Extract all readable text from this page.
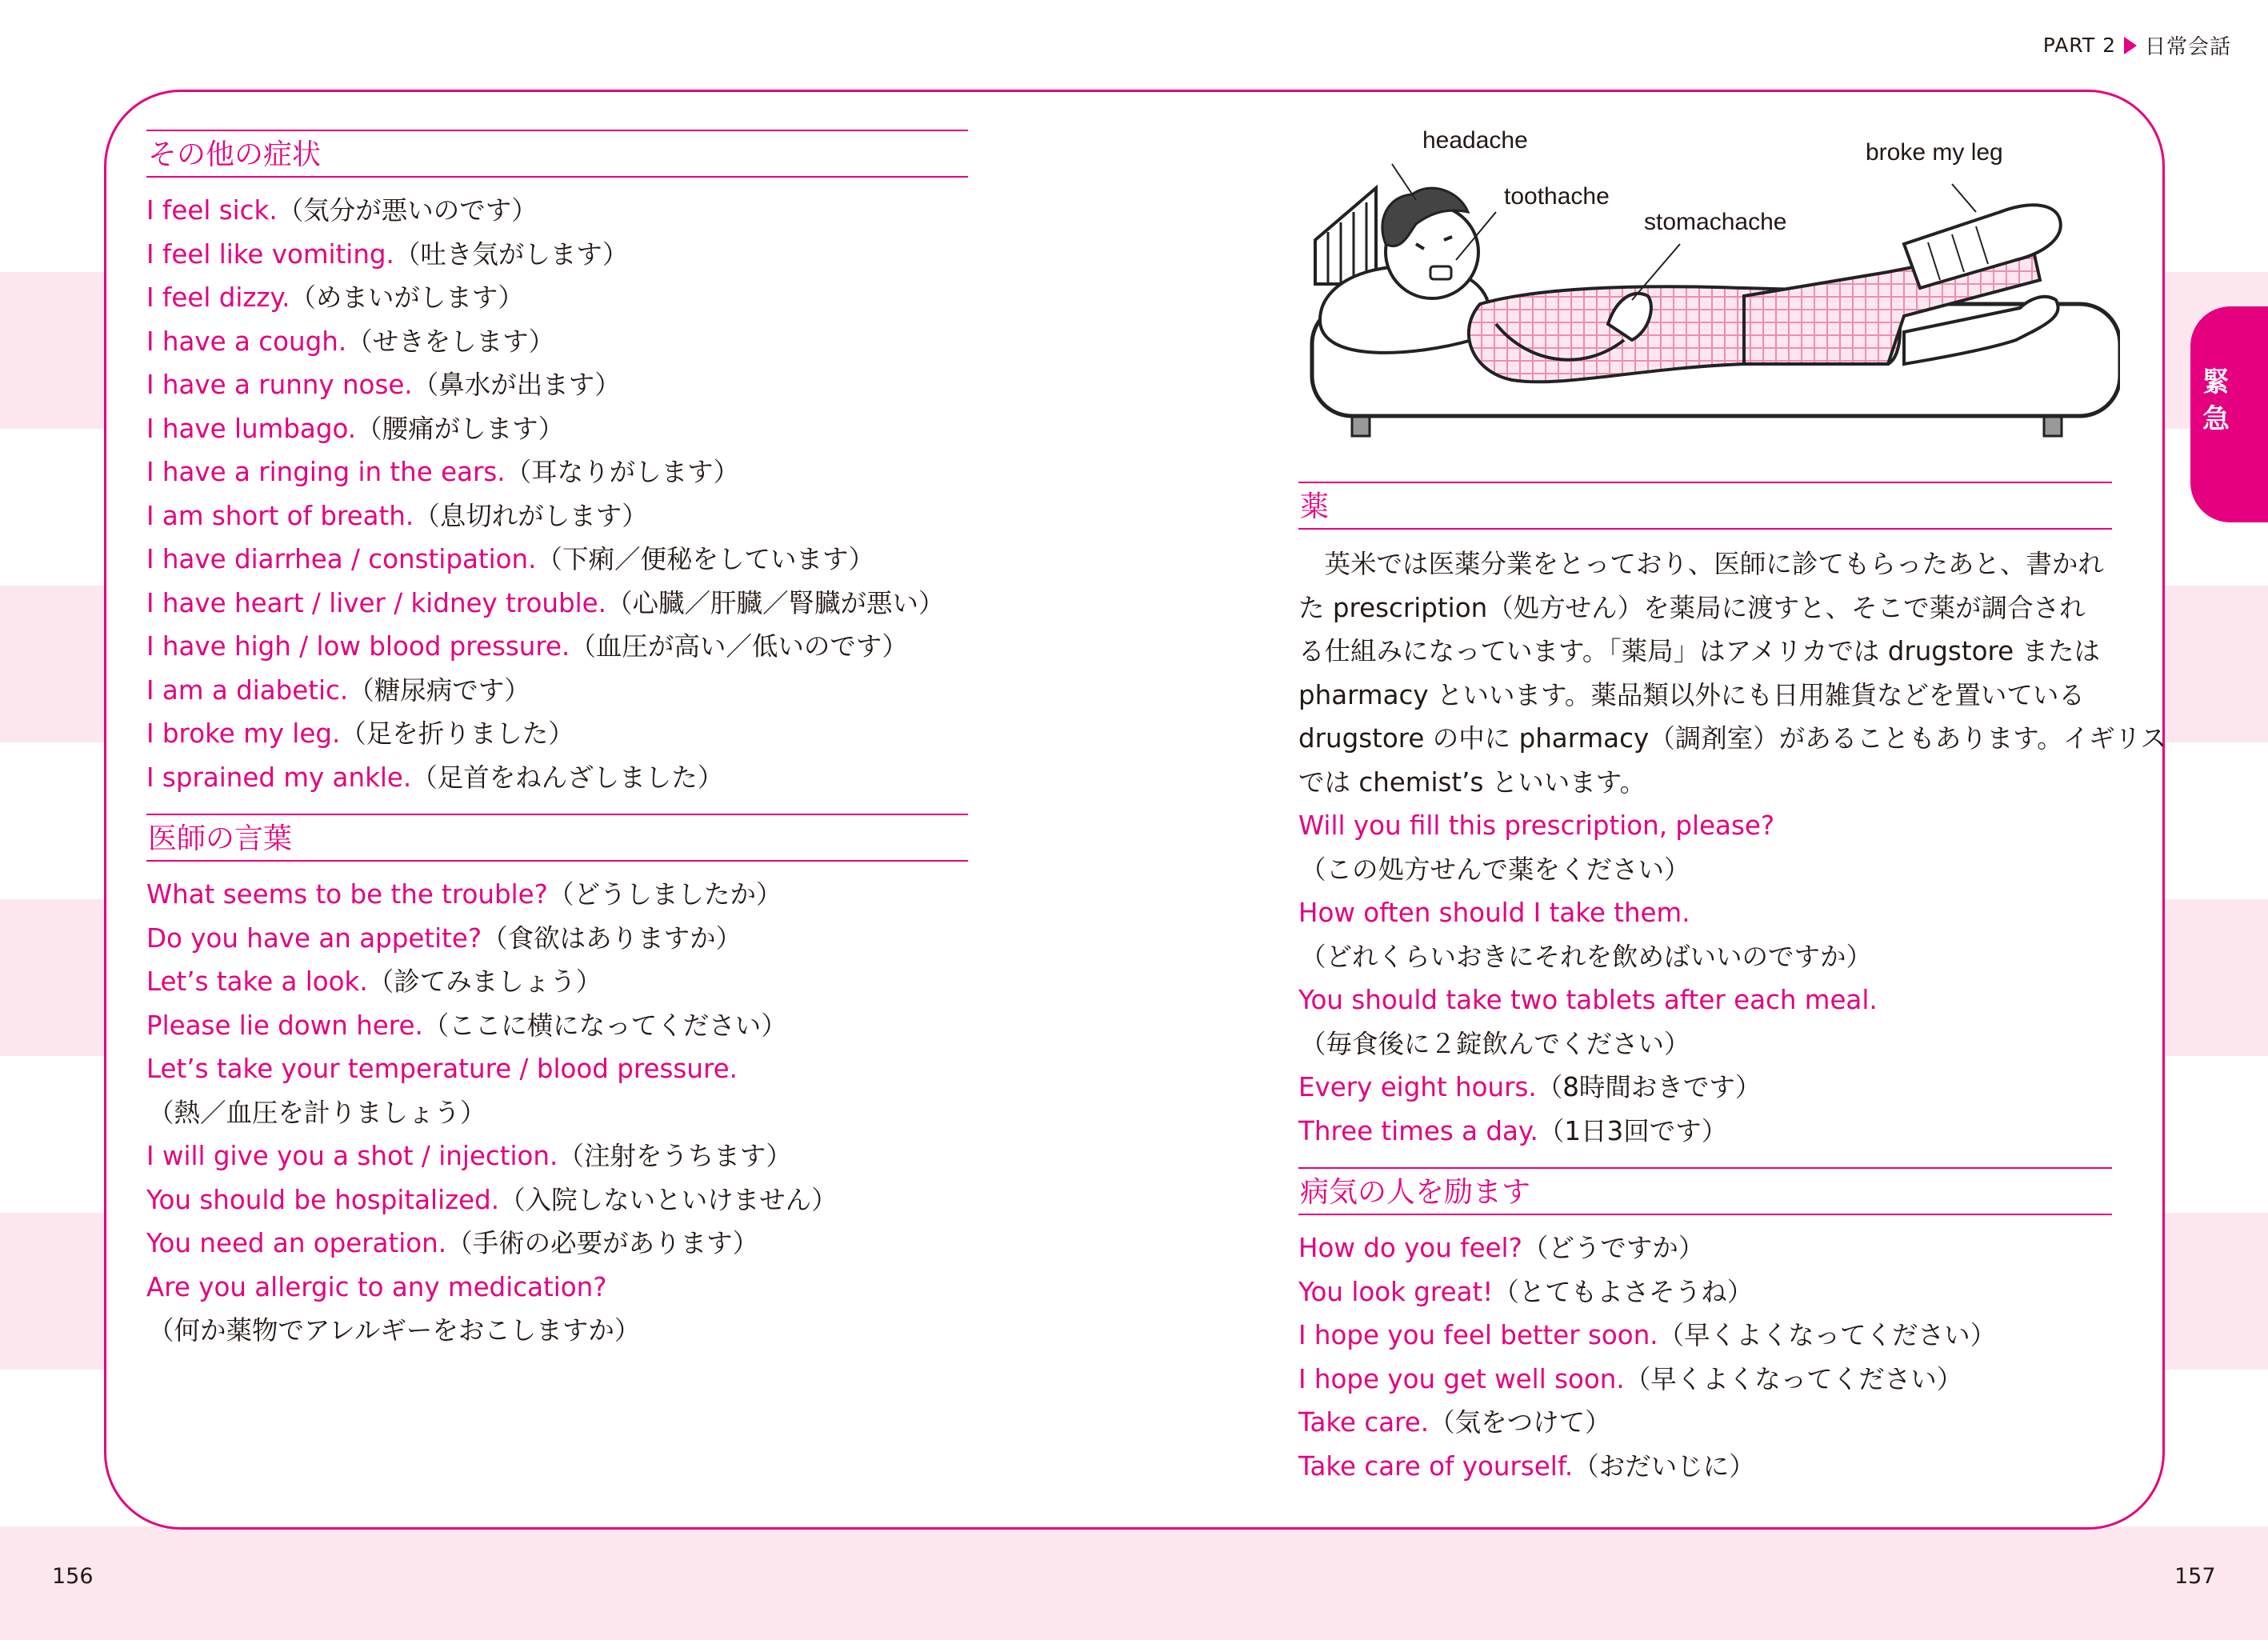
PART 2 日常会話
緊急
その他の症状
I feel sick.（気分が悪いのです）
I feel like vomiting.（吐き気がします）
I feel dizzy.（めまいがします）
I have a cough.（せきをします）
I have a runny nose.（鼻水が出ます）
I have lumbago.（腰痛がします）
I have a ringing in the ears.（耳なりがします）
I am short of breath.（息切れがします）
I have diarrhea / constipation.（下痢／便秘をしています）
I have heart / liver / kidney trouble.（心臓／肝臓／腎臓が悪い）
I have high / low blood pressure.（血圧が高い／低いのです）
I am a diabetic.（糖尿病です）
I broke my leg.（足を折りました）
I sprained my ankle.（足首をねんざしました）
医師の言葉
What seems to be the trouble?（どうしましたか）
Do you have an appetite?（食欲はありますか）
Let’s take a look.（診てみましょう）
Please lie down here.（ここに横になってください）
Let’s take your temperature / blood pressure.
（熱／血圧を計りましょう）
I will give you a shot / injection.（注射をうちます）
You should be hospitalized.（入院しないといけません）
You need an operation.（手術の必要があります）
Are you allergic to any medication?
（何か薬物でアレルギーをおこしますか）
headache
toothache
stomachache
broke my leg
薬
　英米では医薬分業をとっており、医師に診てもらったあと、書かれ
た prescription（処方せん）を薬局に渡すと、そこで薬が調合され
る仕組みになっています。「薬局」はアメリカでは drugstore または
pharmacy といいます。薬品類以外にも日用雑貨などを置いている
drugstore の中に pharmacy（調剤室）があることもあります。イギリス
では chemist’s といいます。
Will you fill this prescription, please?
（この処方せんで薬をください）
How often should I take them.
（どれくらいおきにそれを飲めばいいのですか）
You should take two tablets after each meal.
（毎食後に２錠飲んでください）
Every eight hours.（8時間おきです）
Three times a day.（1日3回です）
病気の人を励ます
How do you feel?（どうですか）
You look great!（とてもよさそうね）
I hope you feel better soon.（早くよくなってください）
I hope you get well soon.（早くよくなってください）
Take care.（気をつけて）
Take care of yourself.（おだいじに）
156	157
